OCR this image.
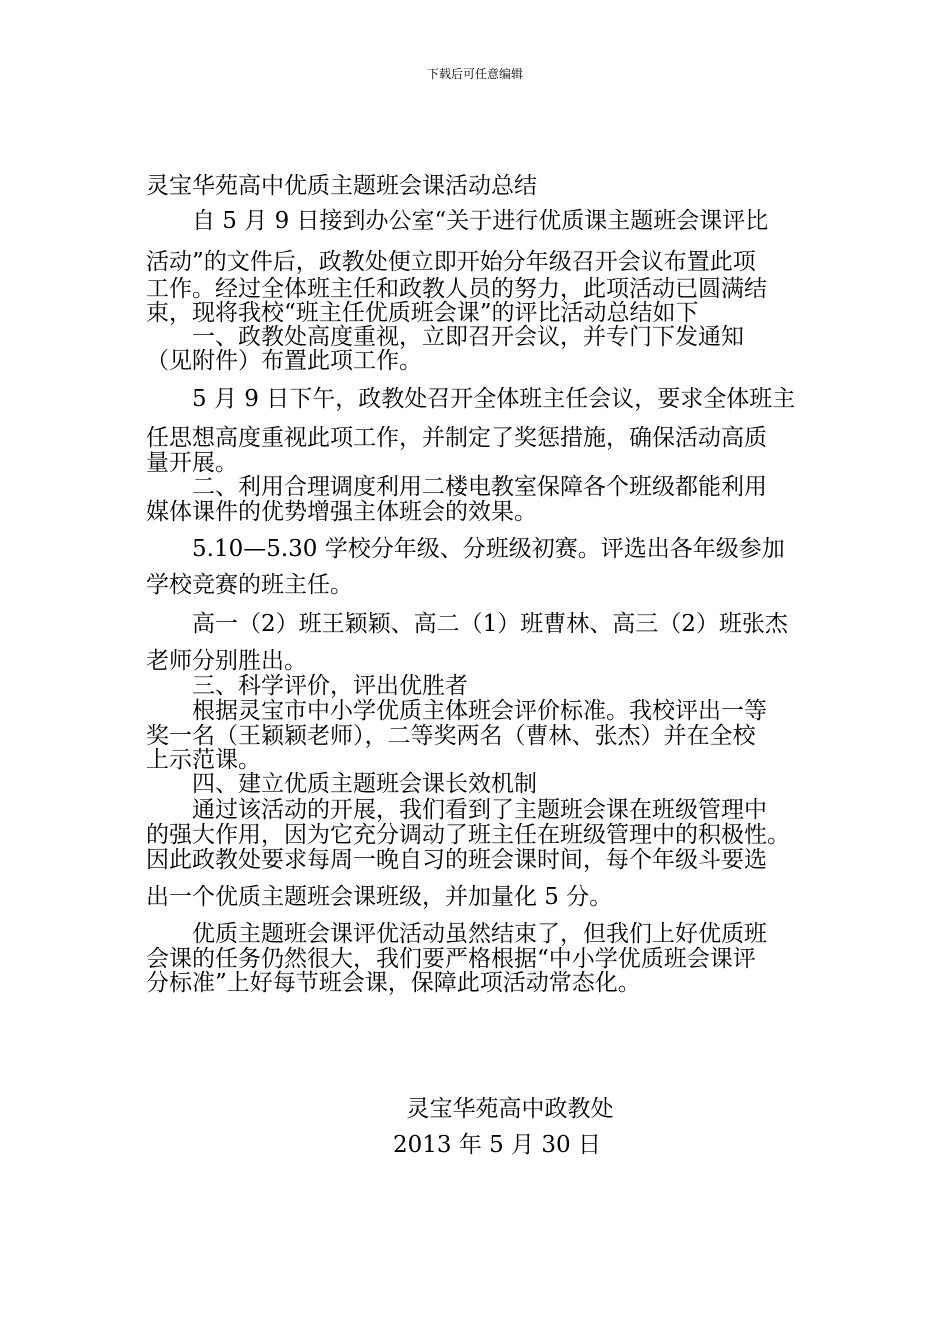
下载后可任意编辑
灵宝华苑高中优质主题班会课活动总结
自 5 月 9 日接到办公室“关于进行优质课主题班会课评比
活动”的文件后，政教处便立即开始分年级召开会议布置此项
工作。经过全体班主任和政教人员的努力，此项活动已圆满结
束，现将我校“班主任优质班会课”的评比活动总结如下
一、政教处高度重视，立即召开会议，并专门下发通知
（见附件）布置此项工作。
5 月 9 日下午，政教处召开全体班主任会议，要求全体班主
任思想高度重视此项工作，并制定了奖惩措施，确保活动高质
量开展。
二、利用合理调度利用二楼电教室保障各个班级都能利用
媒体课件的优势增强主体班会的效果。
5.10—5.30 学校分年级、分班级初赛。评选出各年级参加
学校竞赛的班主任。
高一（2）班王颖颖、高二（1）班曹林、高三（2）班张杰
老师分别胜出。
三、科学评价，评出优胜者
根据灵宝市中小学优质主体班会评价标准。我校评出一等
奖一名（王颖颖老师），二等奖两名（曹林、张杰）并在全校
上示范课。
四、建立优质主题班会课长效机制
通过该活动的开展，我们看到了主题班会课在班级管理中
的强大作用，因为它充分调动了班主任在班级管理中的积极性。
因此政教处要求每周一晚自习的班会课时间，每个年级斗要选
出一个优质主题班会课班级，并加量化 5 分。
优质主题班会课评优活动虽然结束了，但我们上好优质班
会课的任务仍然很大，我们要严格根据“中小学优质班会课评
分标准”上好每节班会课，保障此项活动常态化。
灵宝华苑高中政教处
2013 年 5 月 30 日
